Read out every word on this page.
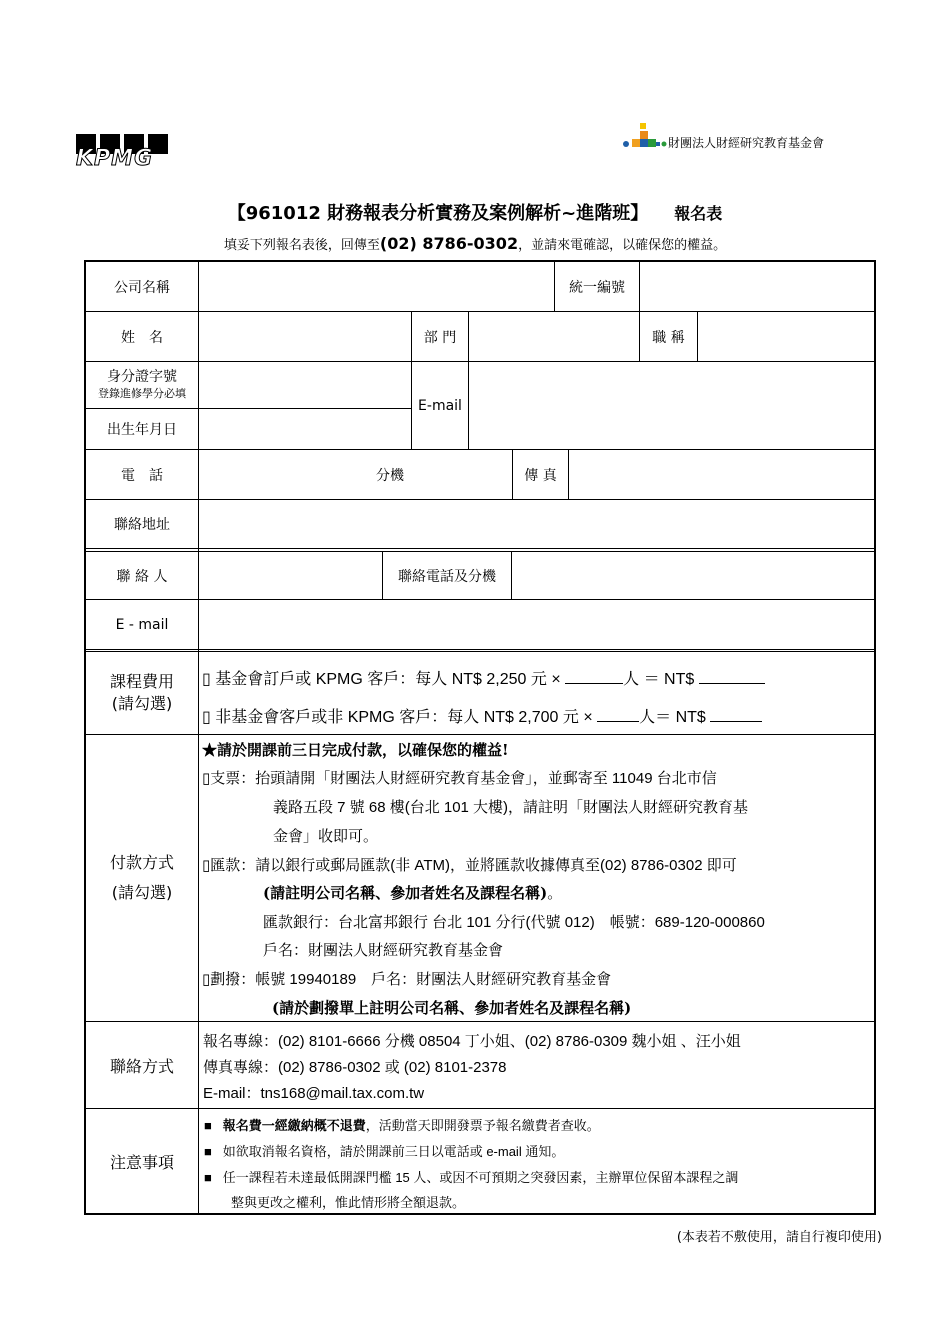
KPMG
財團法人財經研究教育基金會
【961012 財務報表分析實務及案例解析~進階班】 報名表
填妥下列報名表後，回傳至(02) 8786-0302，並請來電確認，以確保您的權益。
公司名稱	統一編號
姓　名	部 門	職 稱
身分證字號
登錄進修學分必填
出生年月日
E-mail
電　話	分機	傳 真
聯絡地址
聯 絡 人	聯絡電話及分機
E - mail
課程費用
(請勾選)
▯ 基金會訂戶或 KPMG 客戶：每人 NT$ 2,250 元 ×	人 ＝ NT$
▯ 非基金會客戶或非 KPMG 客戶：每人 NT$ 2,700 元 ×	人＝ NT$
付款方式
(請勾選)
★請於開課前三日完成付款，以確保您的權益!
▯支票：抬頭請開「財團法人財經研究教育基金會」，並郵寄至 11049 台北市信
義路五段 7 號 68 樓(台北 101 大樓)，請註明「財團法人財經研究教育基
金會」收即可。
▯匯款：請以銀行或郵局匯款(非 ATM)，並將匯款收據傳真至(02) 8786-0302 即可
(請註明公司名稱、參加者姓名及課程名稱)。
匯款銀行：台北富邦銀行 台北 101 分行(代號 012)　帳號：689-120-000860
戶名：財團法人財經研究教育基金會
▯劃撥：帳號 19940189　戶名：財團法人財經研究教育基金會
(請於劃撥單上註明公司名稱、參加者姓名及課程名稱)
聯絡方式
報名專線：(02) 8101-6666 分機 08504 丁小姐、(02) 8786-0309 魏小姐 、汪小姐
傳真專線：(02) 8786-0302 或 (02) 8101-2378
E-mail：tns168@mail.tax.com.tw
注意事項
■ 報名費一經繳納概不退費，活動當天即開發票予報名繳費者查收。
■ 如欲取消報名資格，請於開課前三日以電話或 e-mail 通知。
■ 任一課程若未達最低開課門檻 15 人、或因不可預期之突發因素，主辦單位保留本課程之調
整與更改之權利，惟此情形將全額退款。
(本表若不敷使用，請自行複印使用)
